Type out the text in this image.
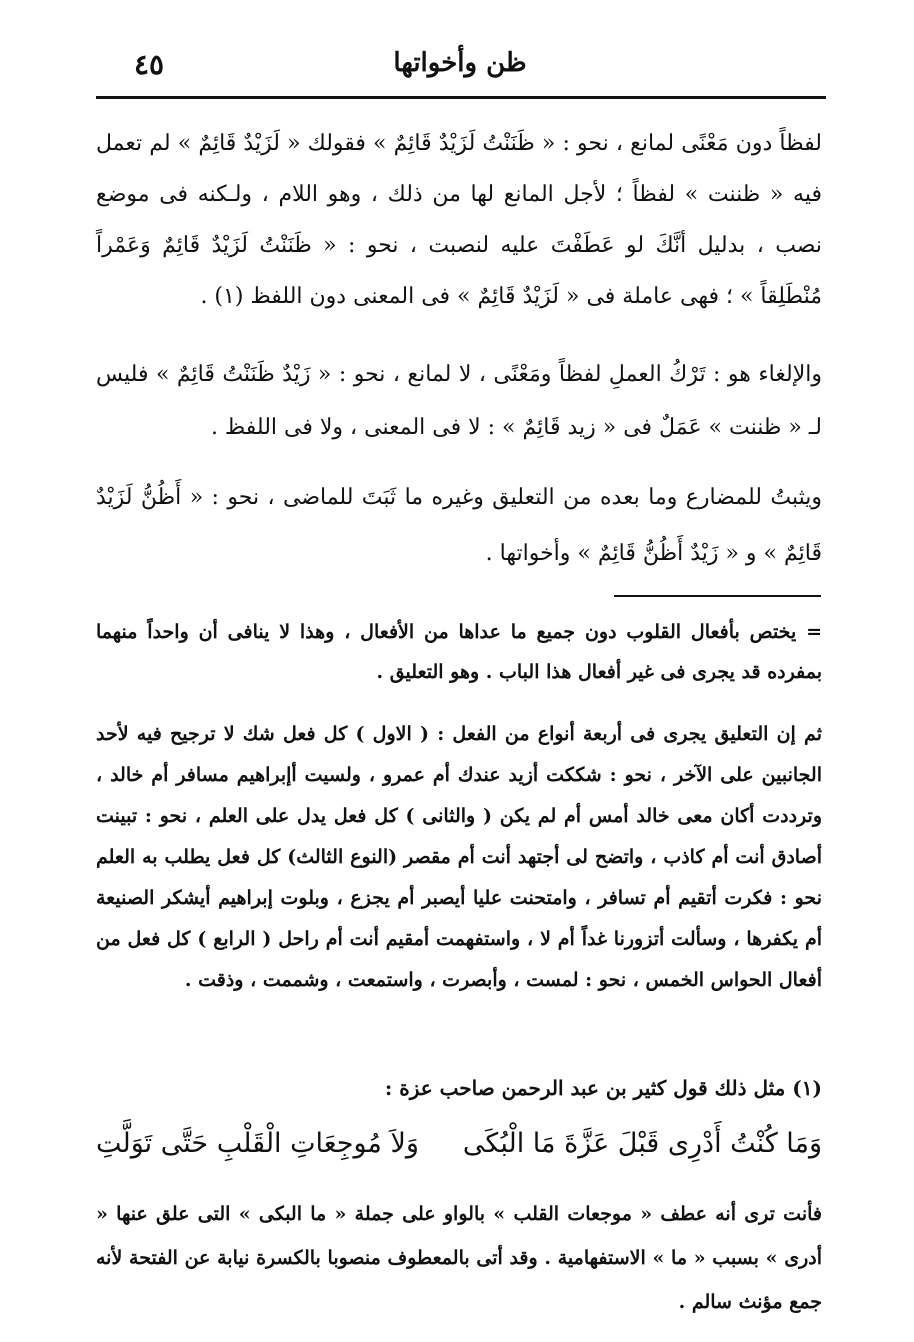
٤٥	ظن وأخواتها

لفظاً دون مَعْنًى لمانع ، نحو : « ظَنَنْتُ لَزَيْدٌ قَائِمٌ » فقولك « لَزَيْدٌ قَائِمٌ » لم تعمل فيه « ظننت » لفظاً ؛ لأجل المانع لها من ذلك ، وهو اللام ، ولـكنه فى موضع نصب ، بدليل أنَّكَ لو عَطَفْتَ عليه لنصبت ، نحو : « ظَنَنْتُ لَزَيْدٌ قَائِمٌ وَعَمْراً مُنْطَلِقاً » ؛ فهى عاملة فى « لَزَيْدٌ قَائِمٌ » فى المعنى دون اللفظ (١) .

والإلغاء هو : تَرْكُ العملِ لفظاً ومَعْنًى ، لا لمانع ، نحو : « زَيْدٌ ظَنَنْتُ قَائِمٌ » فليس لـ « ظننت » عَمَلٌ فى « زيد قَائِمٌ » : لا فى المعنى ، ولا فى اللفظ .

ويثبتُ للمضارع وما بعده من التعليق وغيره ما ثَبَتَ للماضى ، نحو : « أَظُنُّ لَزَيْدٌ قَائِمٌ » و « زَيْدٌ أَظُنُّ قَائِمٌ » وأخواتها .

= يختص بأفعال القلوب دون جميع ما عداها من الأفعال ، وهذا لا ينافى أن واحداً منهما بمفرده قد يجرى فى غير أفعال هذا الباب . وهو التعليق .

ثم إن التعليق يجرى فى أربعة أنواع من الفعل : ( الاول ) كل فعل شك لا ترجيح فيه لأحد الجانبين على الآخر ، نحو : شككت أزيد عندك أم عمرو ، ولسيت أإبراهيم مسافر أم خالد ، وترددت أكان معى خالد أمس أم لم يكن ( والثانى ) كل فعل يدل على العلم ، نحو : تبينت أصادق أنت أم كاذب ، واتضح لى أجتهد أنت أم مقصر (النوع الثالث) كل فعل يطلب به العلم نحو : فكرت أتقيم أم تسافر ، وامتحنت عليا أيصبر أم يجزع ، وبلوت إبراهيم أيشكر الصنيعة أم يكفرها ، وسألت أتزورنا غداً أم لا ، واستفهمت أمقيم أنت أم راحل ( الرابع ) كل فعل من أفعال الحواس الخمس ، نحو : لمست ، وأبصرت ، واستمعت ، وشممت ، وذقت .

(١) مثل ذلك قول كثير بن عبد الرحمن صاحب عزة :

وَمَا كُنْتُ أَدْرِى قَبْلَ عَزَّةَ مَا الْبُكَى
وَلاَ مُوجِعَاتِ الْقَلْبِ حَتَّى تَوَلَّتِ

فأنت ترى أنه عطف « موجعات القلب » بالواو على جملة « ما البكى » التى علق عنها « أدرى » بسبب « ما » الاستفهامية . وقد أتى بالمعطوف منصوبا بالكسرة نيابة عن الفتحة لأنه جمع مؤنث سالم .
